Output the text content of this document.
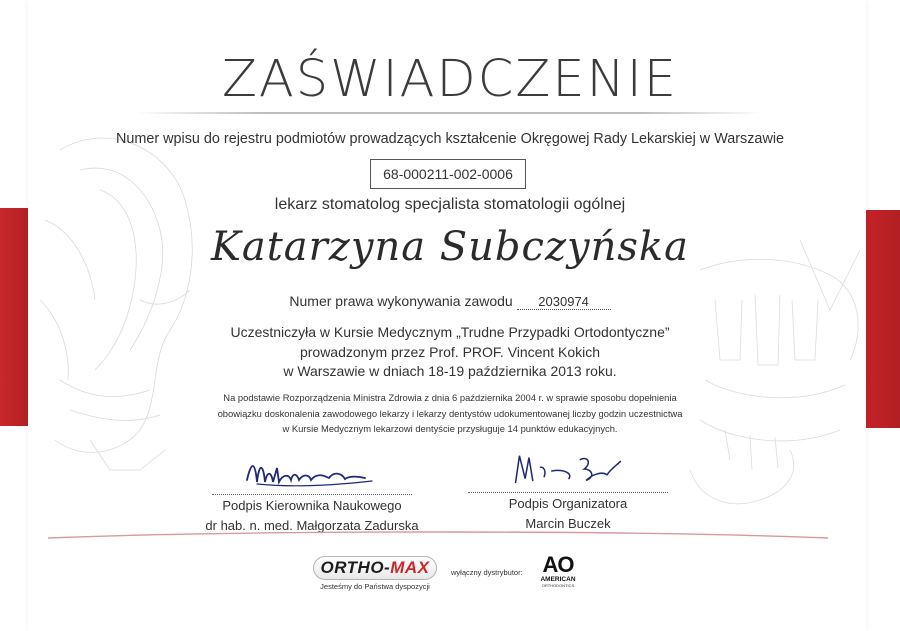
ZAŚWIADCZENIE
Numer wpisu do rejestru podmiotów prowadzących kształcenie Okręgowej Rady Lekarskiej w Warszawie
68-000211-002-0006
lekarz stomatolog specjalista stomatologii ogólnej
Katarzyna Subczyńska
Numer prawa wykonywania zawodu 2030974
Uczestniczyła w Kursie Medycznym „Trudne Przypadki Ortodontyczne”
prowadzonym przez Prof. PROF. Vincent Kokich
w Warszawie w dniach 18-19 października 2013 roku.
Na podstawie Rozporządzenia Ministra Zdrowia z dnia 6 października 2004 r. w sprawie sposobu dopełnienia
obowiązku doskonalenia zawodowego lekarzy i lekarzy dentystów udokumentowanej liczby godzin uczestnictwa
w Kursie Medycznym lekarzowi dentyście przysługuje 14 punktów edukacyjnych.
Podpis Kierownika Naukowego
dr hab. n. med. Małgorzata Zadurska
Podpis Organizatora
Marcin Buczek
ORTHO-MAX
Jesteśmy do Państwa dyspozycji
wyłączny dystrybutor: AO
AMERICAN
ORTHODONTICS
